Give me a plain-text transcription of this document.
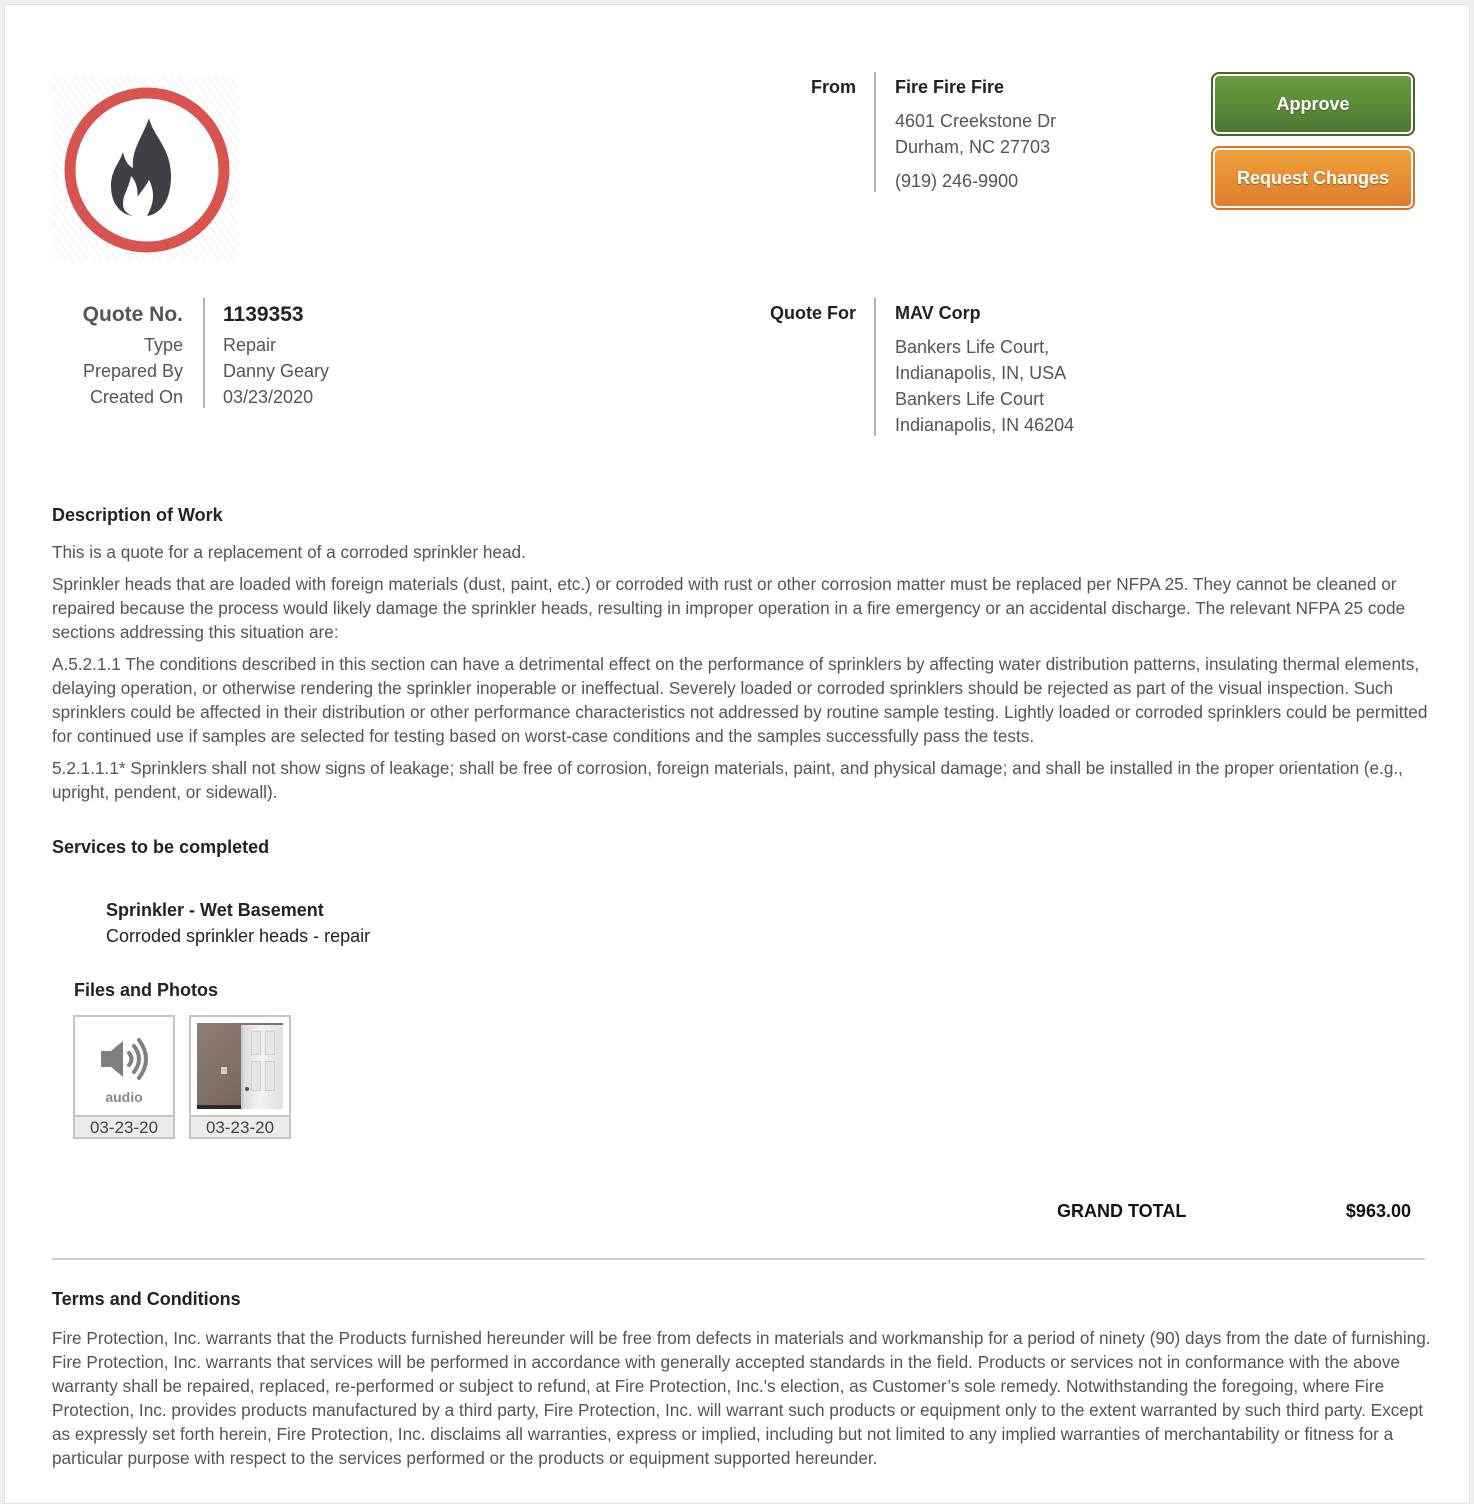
From Fire Fire Fire
4601 Creekstone Dr
Durham, NC 27703
(919) 246-9900
Approve
Request Changes
Quote No. 1139353
Type Repair
Prepared By Danny Geary
Created On 03/23/2020
Quote For MAV Corp
Bankers Life Court,
Indianapolis, IN, USA
Bankers Life Court
Indianapolis, IN 46204
Description of Work
This is a quote for a replacement of a corroded sprinkler head.
Sprinkler heads that are loaded with foreign materials (dust, paint, etc.) or corroded with rust or other corrosion matter must be replaced per NFPA 25. They cannot be cleaned or repaired because the process would likely damage the sprinkler heads, resulting in improper operation in a fire emergency or an accidental discharge. The relevant NFPA 25 code sections addressing this situation are:
A.5.2.1.1 The conditions described in this section can have a detrimental effect on the performance of sprinklers by affecting water distribution patterns, insulating thermal elements, delaying operation, or otherwise rendering the sprinkler inoperable or ineffectual. Severely loaded or corroded sprinklers should be rejected as part of the visual inspection. Such sprinklers could be affected in their distribution or other performance characteristics not addressed by routine sample testing. Lightly loaded or corroded sprinklers could be permitted for continued use if samples are selected for testing based on worst-case conditions and the samples successfully pass the tests.
5.2.1.1.1* Sprinklers shall not show signs of leakage; shall be free of corrosion, foreign materials, paint, and physical damage; and shall be installed in the proper orientation (e.g., upright, pendent, or sidewall).
Services to be completed
Sprinkler - Wet Basement
Corroded sprinkler heads - repair
Files and Photos
audio
03-23-20	03-23-20
GRAND TOTAL	$963.00
Terms and Conditions
Fire Protection, Inc. warrants that the Products furnished hereunder will be free from defects in materials and workmanship for a period of ninety (90) days from the date of furnishing. Fire Protection, Inc. warrants that services will be performed in accordance with generally accepted standards in the field. Products or services not in conformance with the above warranty shall be repaired, replaced, re-performed or subject to refund, at Fire Protection, Inc.'s election, as Customer’s sole remedy. Notwithstanding the foregoing, where Fire Protection, Inc. provides products manufactured by a third party, Fire Protection, Inc. will warrant such products or equipment only to the extent warranted by such third party. Except as expressly set forth herein, Fire Protection, Inc. disclaims all warranties, express or implied, including but not limited to any implied warranties of merchantability or fitness for a particular purpose with respect to the services performed or the products or equipment supported hereunder.
